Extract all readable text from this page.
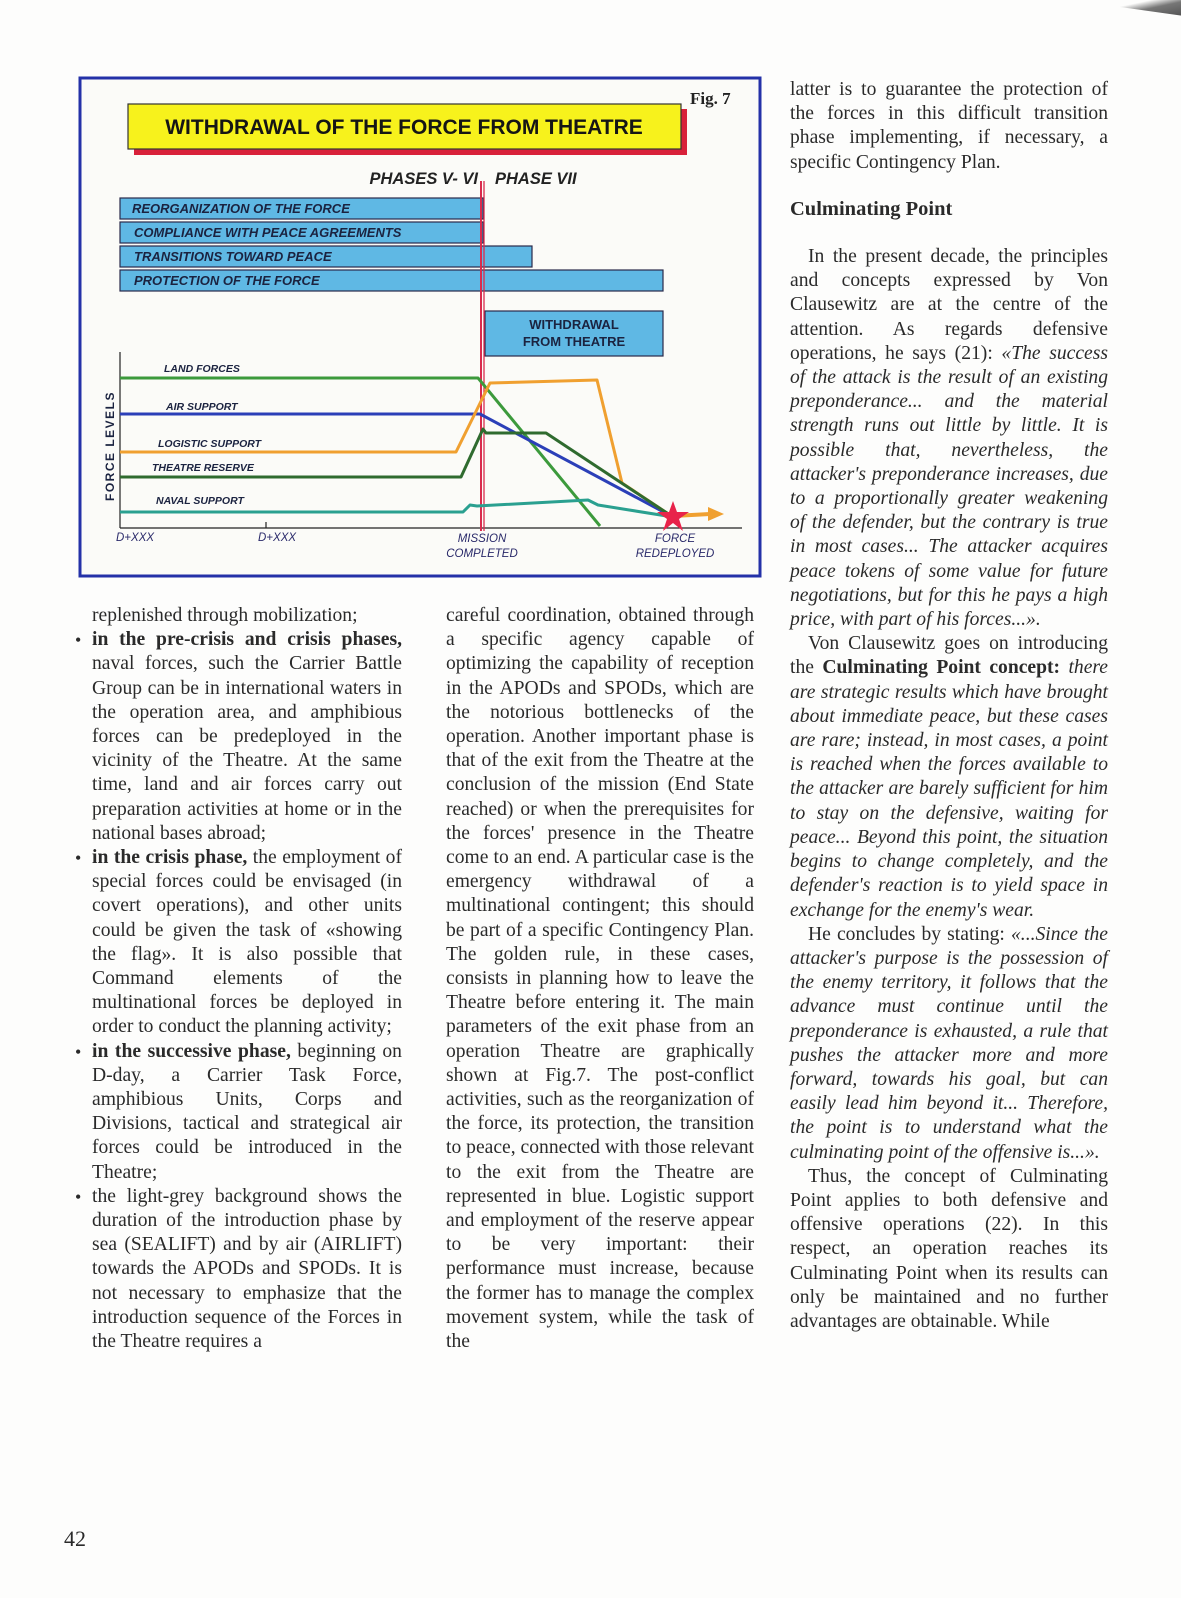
Fig. 7
WITHDRAWAL OF THE FORCE FROM THEATRE
PHASES V- VI PHASE VII
REORGANIZATION OF THE FORCE
COMPLIANCE WITH PEACE AGREEMENTS
TRANSITIONS TOWARD PEACE
PROTECTION OF THE FORCE
WITHDRAWAL
FROM THEATRE
FORCE LEVELS
LAND FORCES
AIR SUPPORT
LOGISTIC SUPPORT
THEATRE RESERVE
NAVAL SUPPORT
D+XXX	D+XXX	MISSION
COMPLETED
FORCE
REDEPLOYED

replenished through mobilization;

• in the pre-crisis and crisis phases, naval forces, such the Carrier Battle Group can be in international waters in the operation area, and amphibious forces can be predeployed in the vicinity of the Theatre. At the same time, land and air forces carry out preparation activities at home or in the national bases abroad;

• in the crisis phase, the employment of special forces could be envisaged (in covert operations), and other units could be given the task of «showing the flag». It is also possible that Command elements of the multinational forces be deployed in order to conduct the planning activity;

• in the successive phase, beginning on D-day, a Carrier Task Force, amphibious Units, Corps and Divisions, tactical and strategical air forces could be introduced in the Theatre;

• the light-grey background shows the duration of the introduction phase by sea (SEALIFT) and by air (AIRLIFT) towards the APODs and SPODs. It is not necessary to emphasize that the introduction sequence of the Forces in the Theatre requires a

careful coordination, obtained through a specific agency capable of optimizing the capability of reception in the APODs and SPODs, which are the notorious bottlenecks of the operation. Another important phase is that of the exit from the Theatre at the conclusion of the mission (End State reached) or when the prerequisites for the forces' presence in the Theatre come to an end. A particular case is the emergency withdrawal of a multinational contingent; this should be part of a specific Contingency Plan. The golden rule, in these cases, consists in planning how to leave the Theatre before entering it. The main parameters of the exit phase from an operation Theatre are graphically shown at Fig.7. The post-conflict activities, such as the reorganization of the force, its protection, the transition to peace, connected with those relevant to the exit from the Theatre are represented in blue. Logistic support and employment of the reserve appear to be very important: their performance must increase, because the former has to manage the complex movement system, while the task of the

latter is to guarantee the protection of the forces in this difficult transition phase implementing, if necessary, a specific Contingency Plan.

Culminating Point

In the present decade, the principles and concepts expressed by Von Clausewitz are at the centre of the attention. As regards defensive operations, he says (21): «The success of the attack is the result of an existing preponderance... and the material strength runs out little by little. It is possible that, nevertheless, the attacker's preponderance increases, due to a proportionally greater weakening of the defender, but the contrary is true in most cases... The attacker acquires peace tokens of some value for future negotiations, but for this he pays a high price, with part of his forces...».

Von Clausewitz goes on introducing the Culminating Point concept: there are strategic results which have brought about immediate peace, but these cases are rare; instead, in most cases, a point is reached when the forces available to the attacker are barely sufficient for him to stay on the defensive, waiting for peace... Beyond this point, the situation begins to change completely, and the defender's reaction is to yield space in exchange for the enemy's wear.

He concludes by stating: «...Since the attacker's purpose is the possession of the enemy territory, it follows that the advance must continue until the preponderance is exhausted, a rule that pushes the attacker more and more forward, towards his goal, but can easily lead him beyond it... Therefore, the point is to understand what the culminating point of the offensive is...».

Thus, the concept of Culminating Point applies to both defensive and offensive operations (22). In this respect, an operation reaches its Culminating Point when its results can only be maintained and no further advantages are obtainable. While

42
